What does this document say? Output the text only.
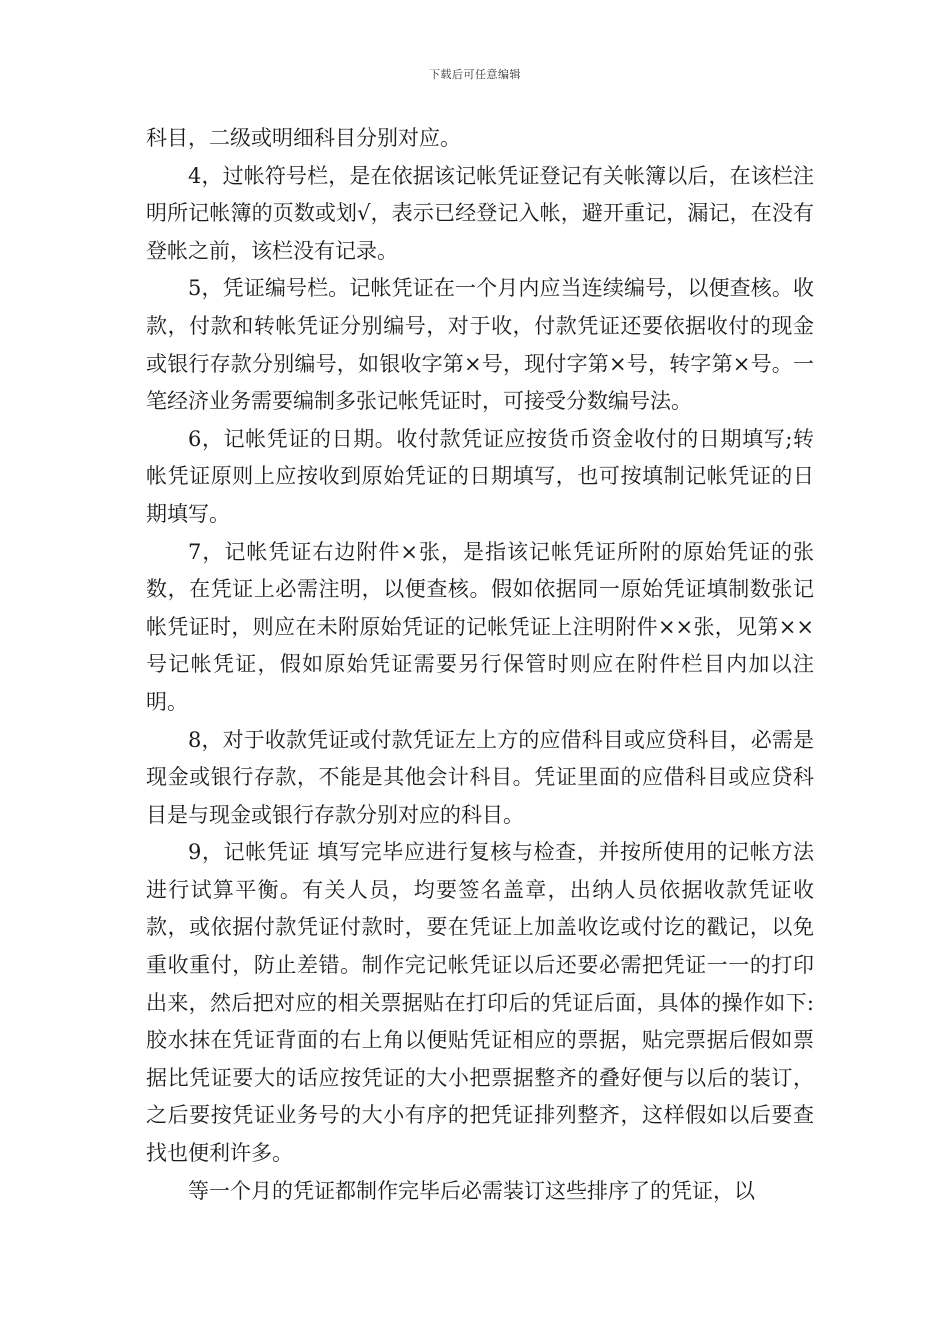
下载后可任意编辑

科目，二级或明细科目分别对应。

4，过帐符号栏，是在依据该记帐凭证登记有关帐簿以后，在该栏注明所记帐簿的页数或划√，表示已经登记入帐，避开重记，漏记，在没有登帐之前，该栏没有记录。

5，凭证编号栏。记帐凭证在一个月内应当连续编号，以便查核。收款，付款和转帐凭证分别编号，对于收，付款凭证还要依据收付的现金或银行存款分别编号，如银收字第×号，现付字第×号，转字第×号。一笔经济业务需要编制多张记帐凭证时，可接受分数编号法。

6，记帐凭证的日期。收付款凭证应按货币资金收付的日期填写;转帐凭证原则上应按收到原始凭证的日期填写，也可按填制记帐凭证的日期填写。

7，记帐凭证右边附件×张，是指该记帐凭证所附的原始凭证的张数，在凭证上必需注明，以便查核。假如依据同一原始凭证填制数张记帐凭证时，则应在未附原始凭证的记帐凭证上注明附件××张，见第××号记帐凭证，假如原始凭证需要另行保管时则应在附件栏目内加以注明。

8，对于收款凭证或付款凭证左上方的应借科目或应贷科目，必需是现金或银行存款，不能是其他会计科目。凭证里面的应借科目或应贷科目是与现金或银行存款分别对应的科目。

9，记帐凭证 填写完毕应进行复核与检查，并按所使用的记帐方法进行试算平衡。有关人员，均要签名盖章，出纳人员依据收款凭证收款，或依据付款凭证付款时，要在凭证上加盖收讫或付讫的戳记，以免重收重付，防止差错。制作完记帐凭证以后还要必需把凭证一一的打印出来，然后把对应的相关票据贴在打印后的凭证后面，具体的操作如下:胶水抹在凭证背面的右上角以便贴凭证相应的票据，贴完票据后假如票据比凭证要大的话应按凭证的大小把票据整齐的叠好便与以后的装订，之后要按凭证业务号的大小有序的把凭证排列整齐，这样假如以后要查找也便利许多。

等一个月的凭证都制作完毕后必需装订这些排序了的凭证，以
